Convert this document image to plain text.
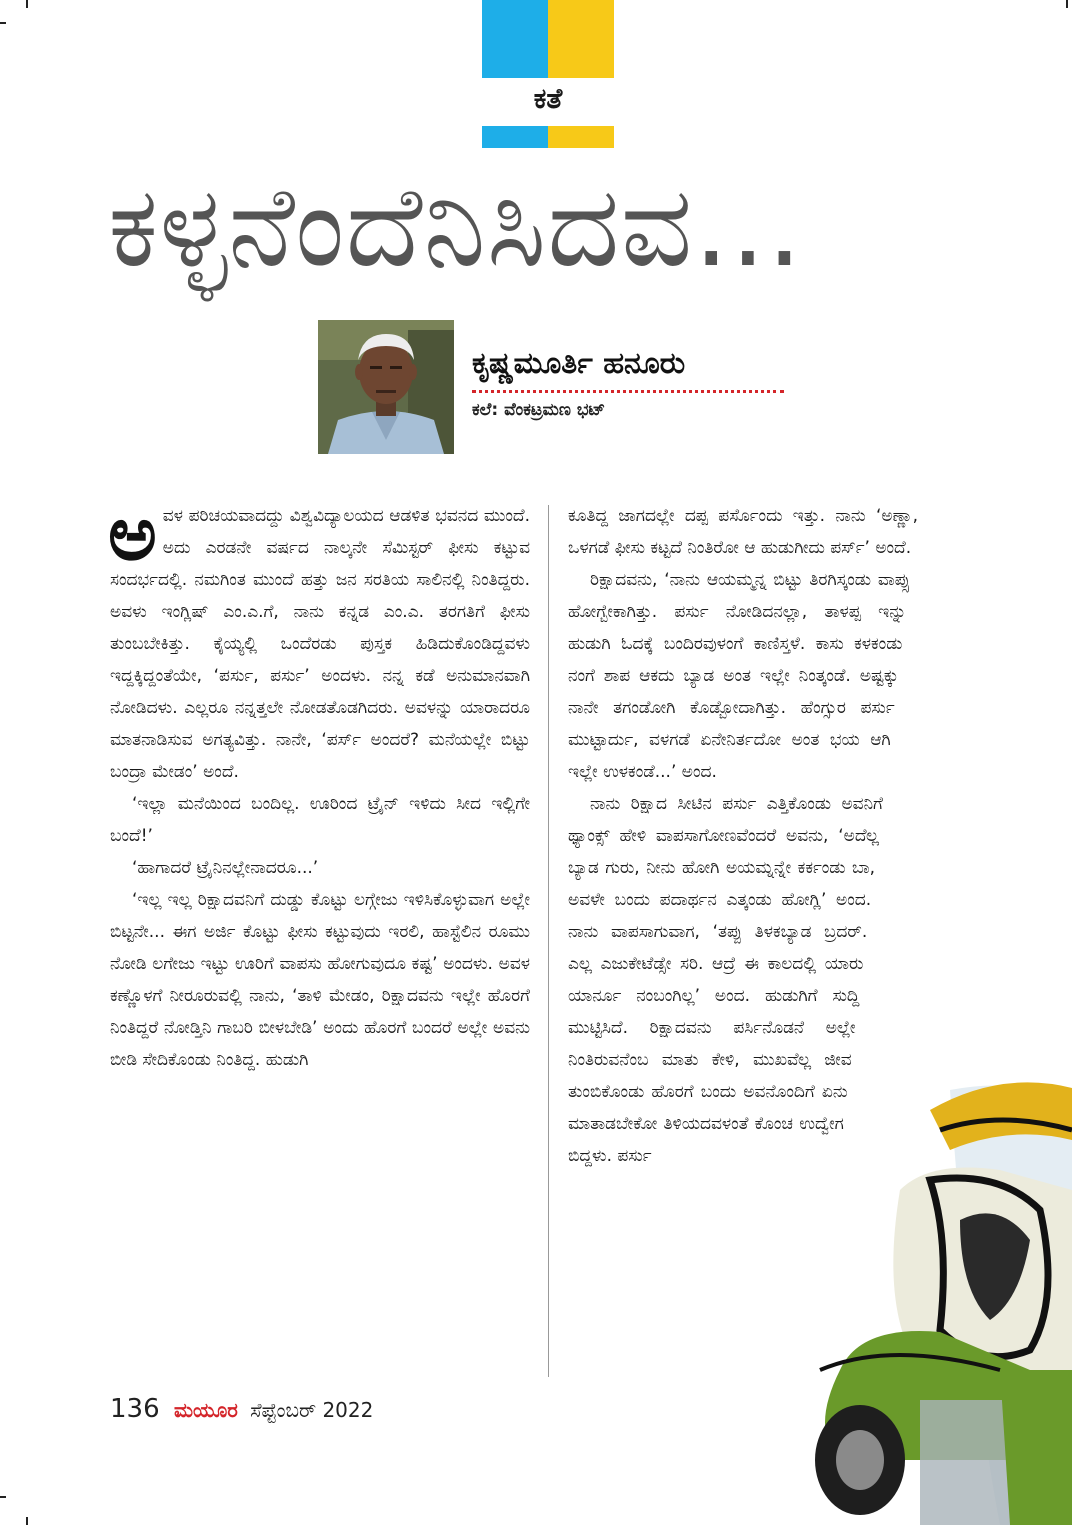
ಕತೆ
ಕಳ್ಳನೆಂದೆನಿಸಿದವ...
ಕೃಷ್ಣಮೂರ್ತಿ ಹನೂರು
ಕಲೆ: ವೆಂಕಟ್ರಮಣ ಭಟ್

ಅವಳ ಪರಿಚಯವಾದದ್ದು ವಿಶ್ವವಿದ್ಯಾಲಯದ ಆಡಳಿತ ಭವನದ ಮುಂದೆ. ಅದು ಎರಡನೇ ವರ್ಷದ ನಾಲ್ಕನೇ ಸೆಮಿಸ್ಟರ್ ಫೀಸು ಕಟ್ಟುವ ಸಂದರ್ಭದಲ್ಲಿ. ನಮಗಿಂತ ಮುಂದೆ ಹತ್ತು ಜನ ಸರತಿಯ ಸಾಲಿನಲ್ಲಿ ನಿಂತಿದ್ದರು. ಅವಳು ಇಂಗ್ಲಿಷ್ ಎಂ.ಎ.ಗೆ, ನಾನು ಕನ್ನಡ ಎಂ.ಎ. ತರಗತಿಗೆ ಫೀಸು ತುಂಬಬೇಕಿತ್ತು. ಕೈಯ್ಯಲ್ಲಿ ಒಂದೆರಡು ಪುಸ್ತಕ ಹಿಡಿದುಕೊಂಡಿದ್ದವಳು ಇದ್ದಕ್ಕಿದ್ದಂತೆಯೇ, ‘ಪರ್ಸು, ಪರ್ಸು’ ಅಂದಳು. ನನ್ನ ಕಡೆ ಅನುಮಾನವಾಗಿ ನೋಡಿದಳು. ಎಲ್ಲರೂ ನನ್ನತ್ತಲೇ ನೋಡತೊಡಗಿದರು. ಅವಳನ್ನು ಯಾರಾದರೂ ಮಾತನಾಡಿಸುವ ಅಗತ್ಯವಿತ್ತು. ನಾನೇ, ‘ಪರ್ಸ್ ಅಂದರೆ? ಮನೆಯಲ್ಲೇ ಬಿಟ್ಟು ಬಂದ್ರಾ ಮೇಡಂ’ ಅಂದೆ.

‘ಇಲ್ಲಾ ಮನೆಯಿಂದ ಬಂದಿಲ್ಲ. ಊರಿಂದ ಟ್ರೈನ್ ಇಳಿದು ಸೀದ ಇಲ್ಲಿಗೇ ಬಂದೆ!’

‘ಹಾಗಾದರೆ ಟ್ರೈನಿನಲ್ಲೇನಾದರೂ...’

‘ಇಲ್ಲ ಇಲ್ಲ ರಿಕ್ಷಾದವನಿಗೆ ದುಡ್ಡು ಕೊಟ್ಟು ಲಗ್ಗೇಜು ಇಳಿಸಿಕೊಳ್ಳುವಾಗ ಅಲ್ಲೇ ಬಿಟ್ಟನೇ... ಈಗ ಅರ್ಜಿ ಕೊಟ್ಟು ಫೀಸು ಕಟ್ಟುವುದು ಇರಲಿ, ಹಾಸ್ಟೆಲಿನ ರೂಮು ನೋಡಿ ಲಗೇಜು ಇಟ್ಟು ಊರಿಗೆ ವಾಪಸು ಹೋಗುವುದೂ ಕಷ್ಟ’ ಅಂದಳು. ಅವಳ ಕಣ್ಣೊಳಗೆ ನೀರೂರುವಲ್ಲಿ ನಾನು, ‘ತಾಳಿ ಮೇಡಂ, ರಿಕ್ಷಾದವನು ಇಲ್ಲೇ ಹೊರಗೆ ನಿಂತಿದ್ದರೆ ನೋಡ್ತಿನಿ ಗಾಬರಿ ಬೀಳಬೇಡಿ’ ಅಂದು ಹೊರಗೆ ಬಂದರೆ ಅಲ್ಲೇ ಅವನು ಬೀಡಿ ಸೇದಿಕೊಂಡು ನಿಂತಿದ್ದ. ಹುಡುಗಿ

ಕೂತಿದ್ದ ಜಾಗದಲ್ಲೇ ದಪ್ಪ ಪರ್ಸೊಂದು ಇತ್ತು. ನಾನು ‘ಅಣ್ಣಾ, ಒಳಗಡೆ ಫೀಸು ಕಟ್ಟದೆ ನಿಂತಿರೋ ಆ ಹುಡುಗೀದು ಪರ್ಸ್’ ಅಂದೆ.

ರಿಕ್ಷಾದವನು, ‘ನಾನು ಆಯಮ್ಮನ್ನ ಬಿಟ್ಟು ತಿರಗಿಸ್ಕಂಡು ವಾಪ್ಸು ಹೋಗ್ಬೇಕಾಗಿತ್ತು. ಪರ್ಸು ನೋಡಿದನಲ್ಲಾ, ತಾಳಪ್ಪ ಇನ್ನು ಹುಡುಗಿ ಓದಕ್ಕೆ ಬಂದಿರವುಳಂಗೆ ಕಾಣಿಸ್ತಳೆ. ಕಾಸು ಕಳಕಂಡು ನಂಗೆ ಶಾಪ ಆಕದು ಬ್ಯಾಡ ಅಂತ ಇಲ್ಲೇ ನಿಂತ್ಕಂಡೆ. ಅಷ್ಟಕ್ಕು ನಾನೇ ತಗಂಡೋಗಿ ಕೊಡ್ಬೋದಾಗಿತ್ತು. ಹೆಂಗ್ಸುರ ಪರ್ಸು ಮುಟ್ಟಾರ್ದು, ವಳಗಡೆ ಏನೇನಿರ್ತದೋ ಅಂತ ಭಯ ಆಗಿ ಇಲ್ಲೇ ಉಳಕಂಡೆ...’ ಅಂದ.

ನಾನು ರಿಕ್ಷಾದ ಸೀಟಿನ ಪರ್ಸು ಎತ್ತಿಕೊಂಡು ಅವನಿಗೆ ಥ್ಯಾಂಕ್ಸ್ ಹೇಳಿ ವಾಪಸಾಗೋಣವೆಂದರೆ ಅವನು, ‘ಅದೆಲ್ಲ ಬ್ಯಾಡ ಗುರು, ನೀನು ಹೋಗಿ ಅಯಮ್ನನ್ನೇ ಕರ್ಕಂಡು ಬಾ, ಅವಳೇ ಬಂದು ಪದಾರ್ಥನ ಎತ್ಕಂಡು ಹೋಗ್ಲಿ’ ಅಂದ. ನಾನು ವಾಪಸಾಗುವಾಗ, ‘ತಪ್ಪು ತಿಳಕಬ್ಯಾಡ ಬ್ರದರ್. ಎಲ್ಲ ಎಜುಕೇಟೆಡ್ಸೇ ಸರಿ. ಆದ್ರೆ ಈ ಕಾಲದಲ್ಲಿ ಯಾರು ಯಾರ್ನೂ ನಂಬಂಗಿಲ್ಲ’ ಅಂದ. ಹುಡುಗಿಗೆ ಸುದ್ದಿ ಮುಟ್ಟಿಸಿದೆ. ರಿಕ್ಷಾದವನು ಪರ್ಸಿನೊಡನೆ ಅಲ್ಲೇ ನಿಂತಿರುವನೆಂಬ ಮಾತು ಕೇಳಿ, ಮುಖವೆಲ್ಲ ಜೀವ ತುಂಬಿಕೊಂಡು ಹೊರಗೆ ಬಂದು ಅವನೊಂದಿಗೆ ಏನು ಮಾತಾಡಬೇಕೋ ತಿಳಿಯದವಳಂತೆ ಕೊಂಚ ಉದ್ವೇಗ ಬಿದ್ದಳು. ಪರ್ಸು

136 ಮಯೂರ ಸೆಪ್ಟೆಂಬರ್ 2022
